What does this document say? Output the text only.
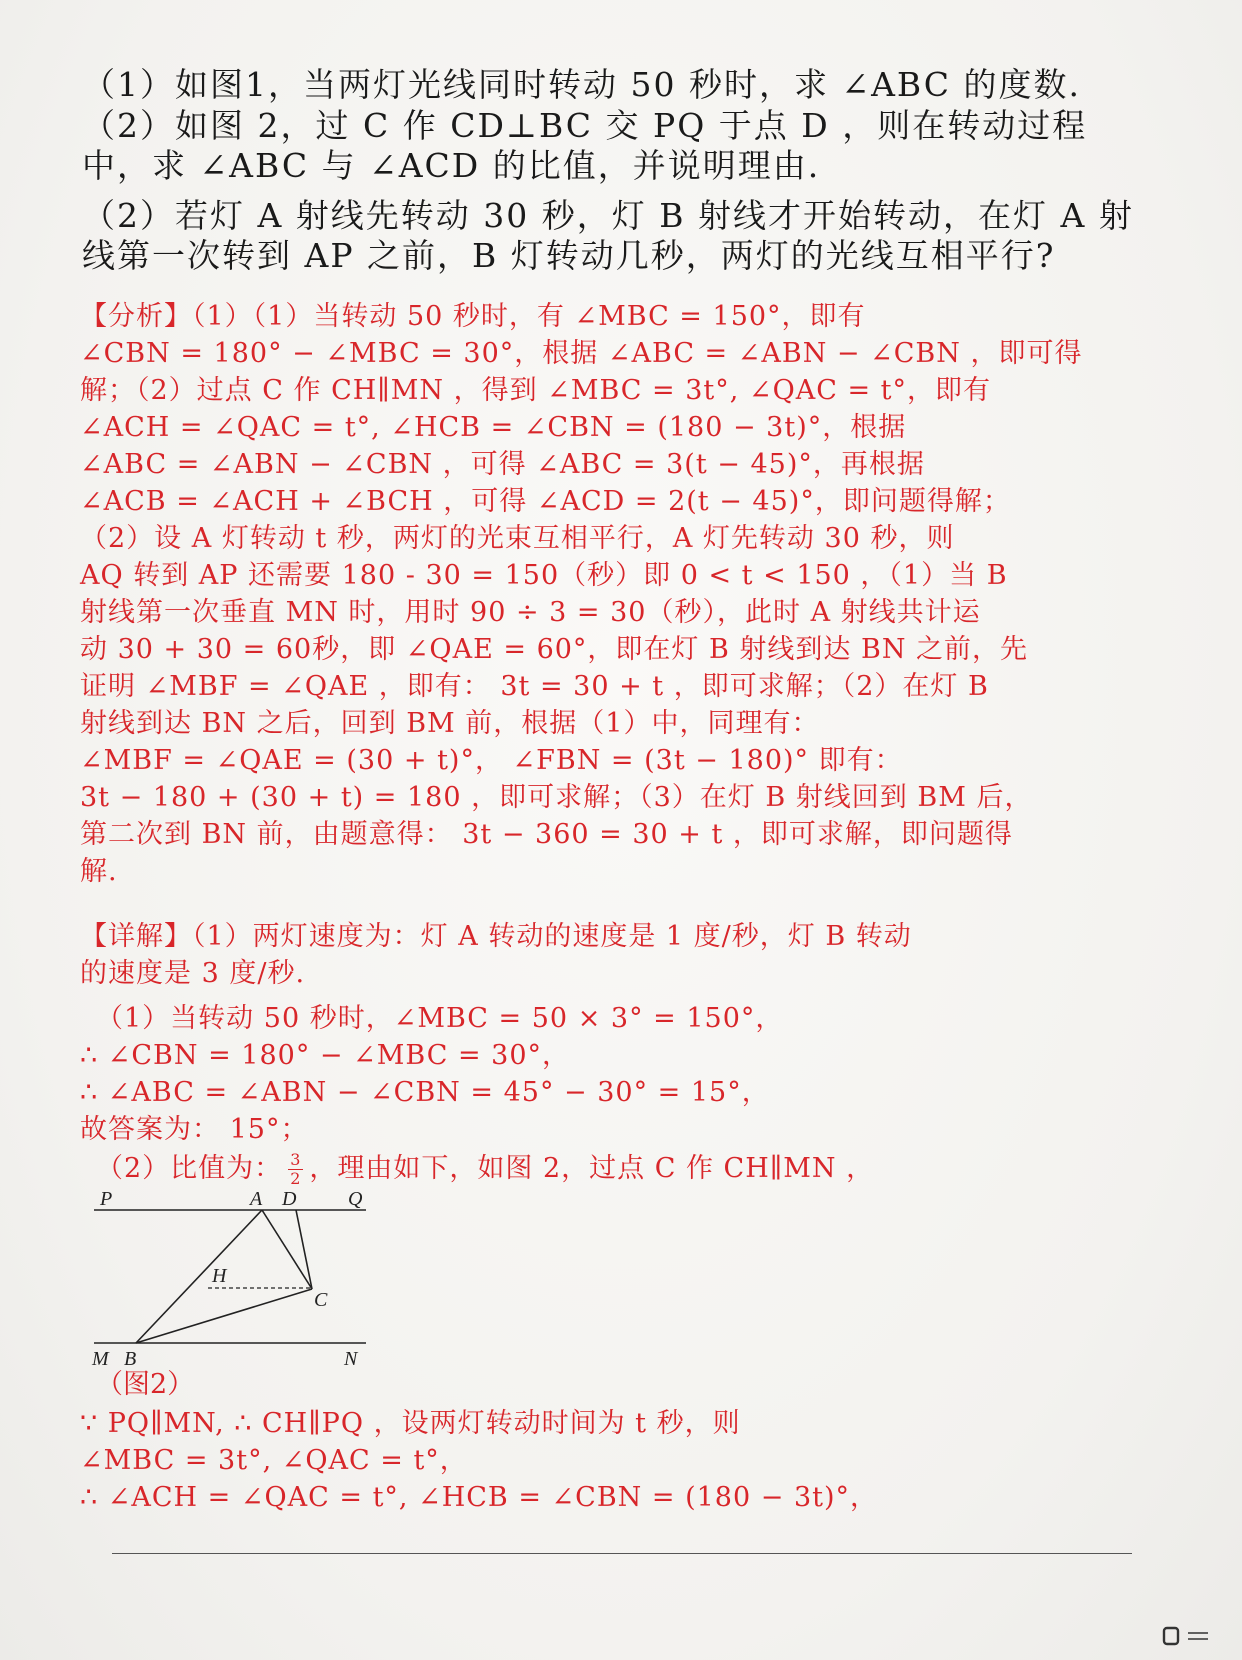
（1）如图1，当两灯光线同时转动 50 秒时，求 ∠ABC 的度数.
（2）如图 2，过 C 作 CD⊥BC 交 PQ 于点 D ，则在转动过程
中，求 ∠ABC 与 ∠ACD 的比值，并说明理由.
（2）若灯 A 射线先转动 30 秒，灯 B 射线才开始转动，在灯 A 射
线第一次转到 AP 之前，B 灯转动几秒，两灯的光线互相平行?
【分析】（1）（1）当转动 50 秒时，有 ∠MBC = 150°，即有
∠CBN = 180° − ∠MBC = 30°，根据 ∠ABC = ∠ABN − ∠CBN ，即可得
解；（2）过点 C 作 CH∥MN ，得到 ∠MBC = 3t°, ∠QAC = t°，即有
∠ACH = ∠QAC = t°, ∠HCB = ∠CBN = (180 − 3t)°，根据
∠ABC = ∠ABN − ∠CBN ，可得 ∠ABC = 3(t − 45)°，再根据
∠ACB = ∠ACH + ∠BCH ，可得 ∠ACD = 2(t − 45)°，即问题得解；
（2）设 A 灯转动 t 秒，两灯的光束互相平行，A 灯先转动 30 秒，则
AQ 转到 AP 还需要 180 - 30 = 150（秒）即 0 < t < 150 ，（1）当 B
射线第一次垂直 MN 时，用时 90 ÷ 3 = 30（秒），此时 A 射线共计运
动 30 + 30 = 60秒，即 ∠QAE = 60°，即在灯 B 射线到达 BN 之前，先
证明 ∠MBF = ∠QAE ，即有： 3t = 30 + t ，即可求解；（2）在灯 B
射线到达 BN 之后，回到 BM 前，根据（1）中，同理有：
∠MBF = ∠QAE = (30 + t)°， ∠FBN = (3t − 180)° 即有：
3t − 180 + (30 + t) = 180 ，即可求解；（3）在灯 B 射线回到 BM 后，
第二次到 BN 前，由题意得： 3t − 360 = 30 + t ，即可求解，即问题得
解.
【详解】（1）两灯速度为：灯 A 转动的速度是 1 度/秒，灯 B 转动
的速度是 3 度/秒.
（1）当转动 50 秒时，∠MBC = 50 × 3° = 150°，
∴ ∠CBN = 180° − ∠MBC = 30°，
∴ ∠ABC = ∠ABN − ∠CBN = 45° − 30° = 15°，
故答案为： 15°；
（2）比值为： $\frac{3}{2}$ ，理由如下，如图 2，过点 C 作 CH∥MN ，
P	A D	Q
H
C
M B	N
（图2）
∵ PQ∥MN, ∴ CH∥PQ ，设两灯转动时间为 t 秒，则
∠MBC = 3t°, ∠QAC = t°，
∴ ∠ACH = ∠QAC = t°, ∠HCB = ∠CBN = (180 − 3t)°，
